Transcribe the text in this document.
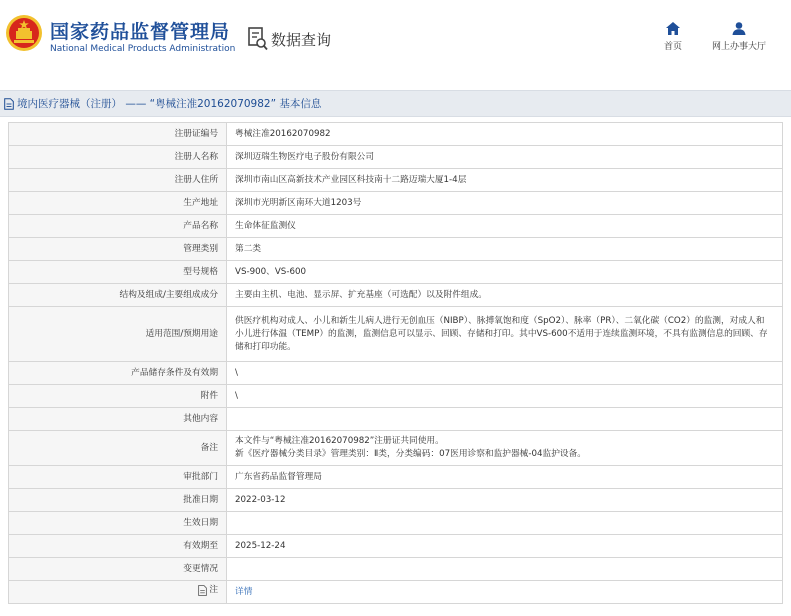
国家药品监督管理局
National Medical Products Administration
数据查询	首页	网上办事大厅
境内医疗器械（注册） —— “粤械注准20162070982” 基本信息
注册证编号	粤械注准20162070982
注册人名称	深圳迈瑞生物医疗电子股份有限公司
注册人住所	深圳市南山区高新技术产业园区科技南十二路迈瑞大厦1-4层
生产地址	深圳市光明新区南环大道1203号
产品名称	生命体征监测仪
管理类别	第二类
型号规格	VS-900、VS-600
结构及组成/主要组成成分	主要由主机、电池、显示屏、扩充基座（可选配）以及附件组成。
适用范围/预期用途	供医疗机构对成人、小儿和新生儿病人进行无创血压（NIBP）、脉搏氧饱和度（SpO2）、脉率（PR）、二氧化碳（CO2）的监测，对成人和小儿进行体温（TEMP）的监测，监测信息可以显示、回顾、存储和打印。其中VS-600不适用于连续监测环境，不具有监测信息的回顾、存储和打印功能。
产品储存条件及有效期	\
附件	\
其他内容	
备注	本文件与“粤械注准20162070982”注册证共同使用。
新《医疗器械分类目录》管理类别：Ⅱ类，分类编码：07医用诊察和监护器械-04监护设备。

审批部门	广东省药品监督管理局
批准日期	2022-03-12
生效日期	
有效期至	2025-12-24
变更情况	

注	详情
